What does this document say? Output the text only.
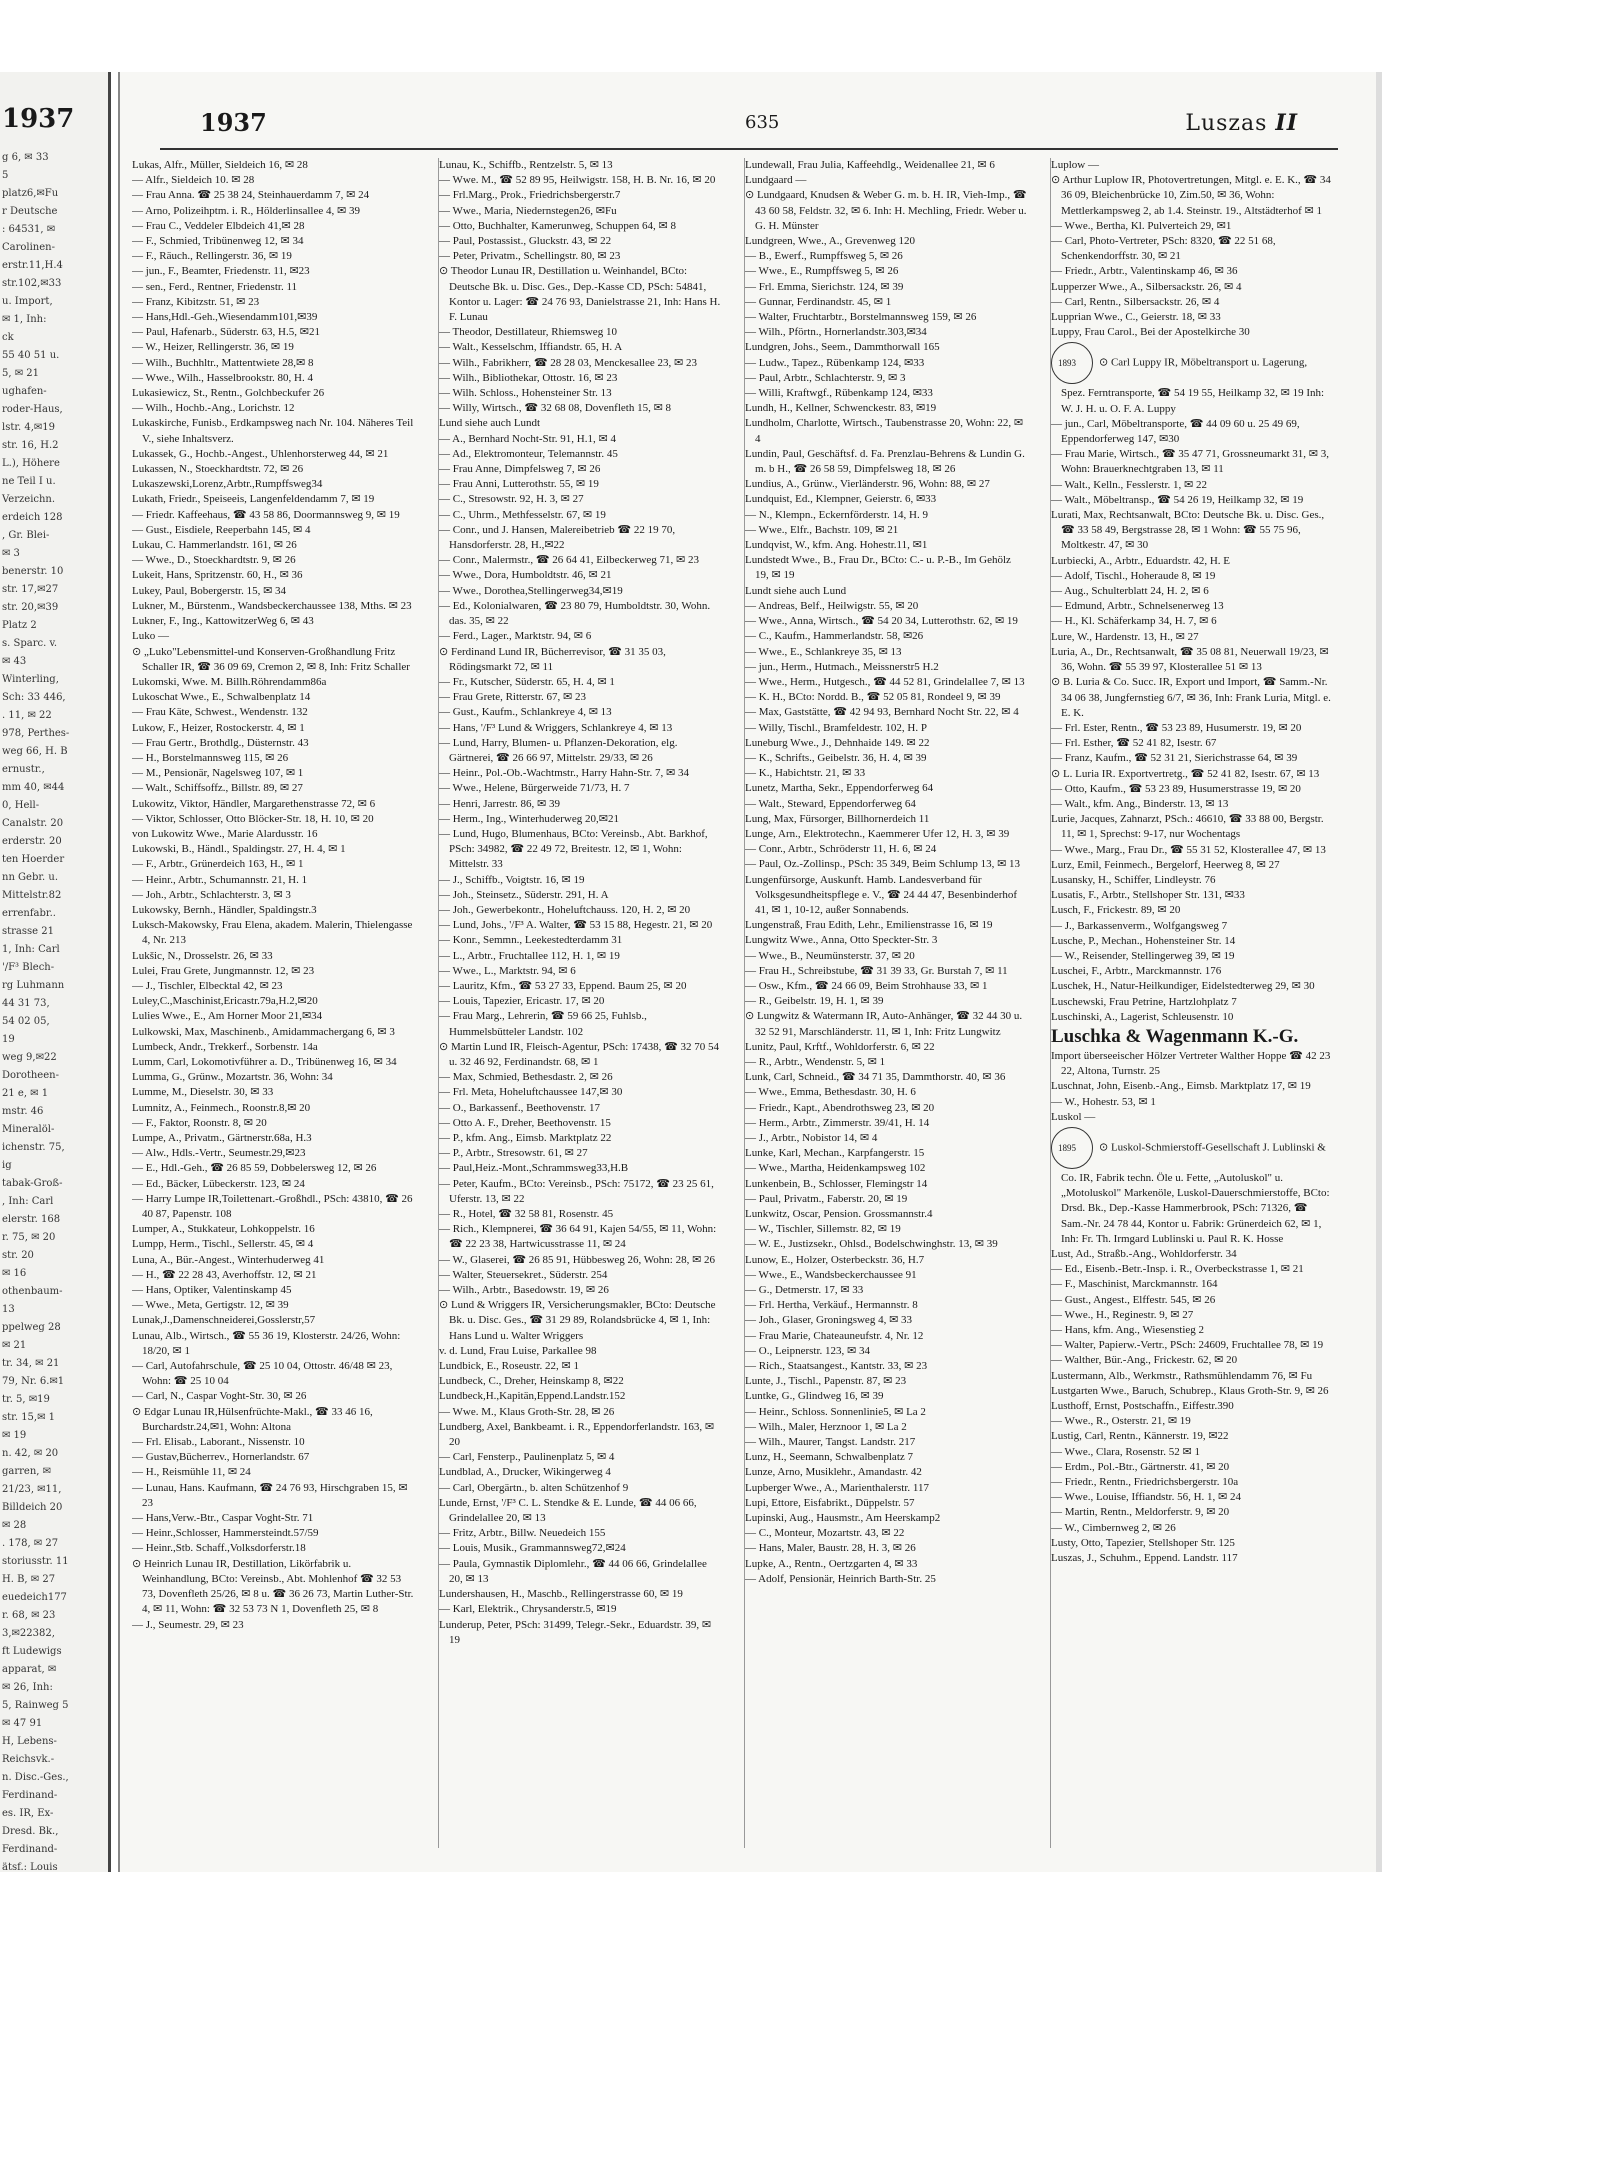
1937
g 6, ✉ 33
5
platz6,✉Fu
r Deutsche
: 64531, ✉
Carolinen-
erstr.11,H.4
str.102,✉33
u. Import,
✉ 1, Inh:
ck
55 40 51 u.
5, ✉ 21
ughafen-
roder-Haus,
lstr. 4,✉19
str. 16, H.2
L.), Höhere
ne Teil I u.
Verzeichn.
erdeich 128
, Gr. Blei-
✉ 3
benerstr. 10
str. 17,✉27
str. 20,✉39
Platz 2
s. Sparc. v.
✉ 43
Winterling,
Sch: 33 446,
. 11, ✉ 22
978, Perthes-
weg 66, H. B
ernustr.,
mm 40, ✉44
0, Hell-
Canalstr. 20
erderstr. 20
ten Hoerder
nn Gebr. u.
Mittelstr.82
errenfabr..
strasse 21
1, Inh: Carl
'/F³ Blech-
rg Luhmann
44 31 73,
54 02 05,
19
weg 9,✉22
Dorotheen-
21 e, ✉ 1
mstr. 46
Mineralöl-
ichenstr. 75,
ig
tabak-Groß-
, Inh: Carl
elerstr. 168
r. 75, ✉ 20
str. 20
✉ 16
othenbaum-
13
ppelweg 28
✉ 21
tr. 34, ✉ 21
79, Nr. 6.✉1
tr. 5, ✉19
str. 15,✉ 1
✉ 19
n. 42, ✉ 20
garren, ✉
21/23, ✉11,
Billdeich 20
✉ 28
. 178, ✉ 27
storiusstr. 11
H. B, ✉ 27
euedeich177
r. 68, ✉ 23
3,✉22382,
ft Ludewigs
apparat, ✉
✉ 26, Inh:
5, Rainweg 5
✉ 47 91
H, Lebens-
Reichsvk.-
n. Disc.-Ges.,
Ferdinand-
es. IR, Ex-
Dresd. Bk.,
Ferdinand-
ätsf.: Louis
1937	635	Luszas II

Lukas, Alfr., Müller, Sieldeich 16, ✉ 28

— Alfr., Sieldeich 10. ✉ 28

— Frau Anna. ☎ 25 38 24, Steinhauerdamm 7, ✉ 24

— Arno, Polizeihptm. i. R., Hölderlinsallee 4, ✉ 39

— Frau C., Veddeler Elbdeich 41,✉ 28

— F., Schmied, Tribünenweg 12, ✉ 34

— F., Räuch., Rellingerstr. 36, ✉ 19

— jun., F., Beamter, Friedenstr. 11, ✉23

— sen., Ferd., Rentner, Friedenstr. 11

— Franz, Kibitzstr. 51, ✉ 23

— Hans,Hdl.-Geh.,Wiesendamm101,✉39

— Paul, Hafenarb., Süderstr. 63, H.5, ✉21

— W., Heizer, Rellingerstr. 36, ✉ 19

— Wilh., Buchhltr., Mattentwiete 28,✉ 8

— Wwe., Wilh., Hasselbrookstr. 80, H. 4

Lukasiewicz, St., Rentn., Golchbeckufer 26

— Wilh., Hochb.-Ang., Lorichstr. 12

Lukaskirche, Funisb., Erdkampsweg nach Nr. 104. Näheres Teil V., siehe Inhaltsverz.

Lukassek, G., Hochb.-Angest., Uhlenhorsterweg 44, ✉ 21

Lukassen, N., Stoeckhardtstr. 72, ✉ 26

Lukaszewski,Lorenz,Arbtr.,Rumpffsweg34

Lukath, Friedr., Speiseeis, Langenfeldendamm 7, ✉ 19

— Friedr. Kaffeehaus, ☎ 43 58 86, Doormannsweg 9, ✉ 19

— Gust., Eisdiele, Reeperbahn 145, ✉ 4

Lukau, C. Hammerlandstr. 161, ✉ 26

— Wwe., D., Stoeckhardtstr. 9, ✉ 26

Lukeit, Hans, Spritzenstr. 60, H., ✉ 36

Lukey, Paul, Bobergerstr. 15, ✉ 34

Lukner, M., Bürstenm., Wandsbeckerchaussee 138, Mths. ✉ 23

Lukner, F., Ing., KattowitzerWeg 6, ✉ 43

Luko —

⊙ „Luko"Lebensmittel-und Konserven-Großhandlung Fritz Schaller IR, ☎ 36 09 69, Cremon 2, ✉ 8, Inh: Fritz Schaller

Lukomski, Wwe. M. Billh.Röhrendamm86a

Lukoschat Wwe., E., Schwalbenplatz 14

— Frau Käte, Schwest., Wendenstr. 132

Lukow, F., Heizer, Rostockerstr. 4, ✉ 1

— Frau Gertr., Brothdlg., Düsternstr. 43

— H., Borstelmannsweg 115, ✉ 26

— M., Pensionär, Nagelsweg 107, ✉ 1

— Walt., Schiffsoffz., Billstr. 89, ✉ 27

Lukowitz, Viktor, Händler, Margarethenstrasse 72, ✉ 6

— Viktor, Schlosser, Otto Blöcker-Str. 18, H. 10, ✉ 20

von Lukowitz Wwe., Marie Alardusstr. 16

Lukowski, B., Händl., Spaldingstr. 27, H. 4, ✉ 1

— F., Arbtr., Grünerdeich 163, H., ✉ 1

— Heinr., Arbtr., Schumannstr. 21, H. 1

— Joh., Arbtr., Schlachterstr. 3, ✉ 3

Lukowsky, Bernh., Händler, Spaldingstr.3

Luksch-Makowsky, Frau Elena, akadem. Malerin, Thielengasse 4, Nr. 213

Lukšic, N., Drosselstr. 26, ✉ 33

Lulei, Frau Grete, Jungmannstr. 12, ✉ 23

— J., Tischler, Elbecktal 42, ✉ 23

Luley,C.,Maschinist,Ericastr.79a,H.2,✉20

Lulies Wwe., E., Am Horner Moor 21,✉34

Lulkowski, Max, Maschinenb., Amidammachergang 6, ✉ 3

Lumbeck, Andr., Trekkerf., Sorbenstr. 14a

Lumm, Carl, Lokomotivführer a. D., Tribünenweg 16, ✉ 34

Lumma, G., Grünw., Mozartstr. 36, Wohn: 34

Lumme, M., Dieselstr. 30, ✉ 33

Lumnitz, A., Feinmech., Roonstr.8,✉ 20

— F., Faktor, Roonstr. 8, ✉ 20

Lumpe, A., Privatm., Gärtnerstr.68a, H.3

— Alw., Hdls.-Vertr., Seumestr.29,✉23

— E., Hdl.-Geh., ☎ 26 85 59, Dobbelersweg 12, ✉ 26

— Ed., Bäcker, Lübeckerstr. 123, ✉ 24

— Harry Lumpe IR,Toilettenart.-Großhdl., PSch: 43810, ☎ 26 40 87, Papenstr. 108

Lumper, A., Stukkateur, Lohkoppelstr. 16

Lumpp, Herm., Tischl., Sellerstr. 45, ✉ 4

Luna, A., Bür.-Angest., Winterhuderweg 41

— H., ☎ 22 28 43, Averhoffstr. 12, ✉ 21

— Hans, Optiker, Valentinskamp 45

— Wwe., Meta, Gertigstr. 12, ✉ 39

Lunak,J.,Damenschneiderei,Gosslerstr,57

Lunau, Alb., Wirtsch., ☎ 55 36 19, Klosterstr. 24/26, Wohn: 18/20, ✉ 1

— Carl, Autofahrschule, ☎ 25 10 04, Ottostr. 46/48 ✉ 23, Wohn: ☎ 25 10 04

— Carl, N., Caspar Voght-Str. 30, ✉ 26

⊙ Edgar Lunau IR,Hülsenfrüchte-Makl., ☎ 33 46 16, Burchardstr.24,✉1, Wohn: Altona

— Frl. Elisab., Laborant., Nissenstr. 10

— Gustav,Bücherrev., Hornerlandstr. 67

— H., Reismühle 11, ✉ 24

— Lunau, Hans. Kaufmann, ☎ 24 76 93, Hirschgraben 15, ✉ 23

— Hans,Verw.-Btr., Caspar Voght-Str. 71

— Heinr.,Schlosser, Hammersteindt.57/59

— Heinr.,Stb. Schaff.,Volksdorferstr.18

⊙ Heinrich Lunau IR, Destillation, Likörfabrik u. Weinhandlung, BCto: Vereinsb., Abt. Mohlenhof ☎ 32 53 73, Dovenfleth 25/26, ✉ 8 u. ☎ 36 26 73, Martin Luther-Str. 4, ✉ 11, Wohn: ☎ 32 53 73 N 1, Dovenfleth 25, ✉ 8

— J., Seumestr. 29, ✉ 23

Lunau, K., Schiffb., Rentzelstr. 5, ✉ 13

— Wwe. M., ☎ 52 89 95, Heilwigstr. 158, H. B. Nr. 16, ✉ 20

— Frl.Marg., Prok., Friedrichsbergerstr.7

— Wwe., Maria, Niedernstegen26, ✉Fu

— Otto, Buchhalter, Kamerunweg, Schuppen 64, ✉ 8

— Paul, Postassist., Gluckstr. 43, ✉ 22

— Peter, Privatm., Schellingstr. 80, ✉ 23

⊙ Theodor Lunau IR, Destillation u. Weinhandel, BCto: Deutsche Bk. u. Disc. Ges., Dep.-Kasse CD, PSch: 54841, Kontor u. Lager: ☎ 24 76 93, Danielstrasse 21, Inh: Hans H. F. Lunau

— Theodor, Destillateur, Rhiemsweg 10

— Walt., Kesselschm, Iffiandstr. 65, H. A

— Wilh., Fabrikherr, ☎ 28 28 03, Menckesallee 23, ✉ 23

— Wilh., Bibliothekar, Ottostr. 16, ✉ 23

— Wilh. Schloss., Hohensteiner Str. 13

— Willy, Wirtsch., ☎ 32 68 08, Dovenfleth 15, ✉ 8

Lund siehe auch Lundt

— A., Bernhard Nocht-Str. 91, H.1, ✉ 4

— Ad., Elektromonteur, Telemannstr. 45

— Frau Anne, Dimpfelsweg 7, ✉ 26

— Frau Anni, Lutterothstr. 55, ✉ 19

— C., Stresowstr. 92, H. 3, ✉ 27

— C., Uhrm., Methfesselstr. 67, ✉ 19

— Conr., und J. Hansen, Malereibetrieb ☎ 22 19 70, Hansdorferstr. 28, H.,✉22

— Conr., Malermstr., ☎ 26 64 41, Eilbeckerweg 71, ✉ 23

— Wwe., Dora, Humboldtstr. 46, ✉ 21

— Wwe., Dorothea,Stellingerweg34,✉19

— Ed., Kolonialwaren, ☎ 23 80 79, Humboldtstr. 30, Wohn. das. 35, ✉ 22

— Ferd., Lager., Marktstr. 94, ✉ 6

⊙ Ferdinand Lund IR, Bücherrevisor, ☎ 31 35 03, Rödingsmarkt 72, ✉ 11

— Fr., Kutscher, Süderstr. 65, H. 4, ✉ 1

— Frau Grete, Ritterstr. 67, ✉ 23

— Gust., Kaufm., Schlankreye 4, ✉ 13

— Hans, '/F³ Lund & Wriggers, Schlankreye 4, ✉ 13

— Lund, Harry, Blumen- u. Pflanzen-Dekoration, elg. Gärtnerei, ☎ 26 66 97, Mittelstr. 29/33, ✉ 26

— Heinr., Pol.-Ob.-Wachtmstr., Harry Hahn-Str. 7, ✉ 34

— Wwe., Helene, Bürgerweide 71/73, H. 7

— Henri, Jarrestr. 86, ✉ 39

— Herm., Ing., Winterhuderweg 20,✉21

— Lund, Hugo, Blumenhaus, BCto: Vereinsb., Abt. Barkhof, PSch: 34982, ☎ 22 49 72, Breitestr. 12, ✉ 1, Wohn: Mittelstr. 33

— J., Schiffb., Voigtstr. 16, ✉ 19

— Joh., Steinsetz., Süderstr. 291, H. A

— Joh., Gewerbekontr., Hoheluftchauss. 120, H. 2, ✉ 20

— Lund, Johs., '/F³ A. Walter, ☎ 53 15 88, Hegestr. 21, ✉ 20

— Konr., Semmn., Leekestedterdamm 31

— L., Arbtr., Fruchtallee 112, H. 1, ✉ 19

— Wwe., L., Marktstr. 94, ✉ 6

— Lauritz, Kfm., ☎ 53 27 33, Eppend. Baum 25, ✉ 20

— Louis, Tapezier, Ericastr. 17, ✉ 20

— Frau Marg., Lehrerin, ☎ 59 66 25, Fuhlsb., Hummelsbütteler Landstr. 102

⊙ Martin Lund IR, Fleisch-Agentur, PSch: 17438, ☎ 32 70 54 u. 32 46 92, Ferdinandstr. 68, ✉ 1

— Max, Schmied, Bethesdastr. 2, ✉ 26

— Frl. Meta, Hoheluftchaussee 147,✉ 30

— O., Barkassenf., Beethovenstr. 17

— Otto A. F., Dreher, Beethovenstr. 15

— P., kfm. Ang., Eimsb. Marktplatz 22

— P., Arbtr., Stresowstr. 61, ✉ 27

— Paul,Heiz.-Mont.,Schrammsweg33,H.B

— Peter, Kaufm., BCto: Vereinsb., PSch: 75172, ☎ 23 25 61, Uferstr. 13, ✉ 22

— R., Hotel, ☎ 32 58 81, Rosenstr. 45

— Rich., Klempnerei, ☎ 36 64 91, Kajen 54/55, ✉ 11, Wohn: ☎ 22 23 38, Hartwicusstrasse 11, ✉ 24

— W., Glaserei, ☎ 26 85 91, Hübbesweg 26, Wohn: 28, ✉ 26

— Walter, Steuersekret., Süderstr. 254

— Wilh., Arbtr., Basedowstr. 19, ✉ 26

⊙ Lund & Wriggers IR, Versicherungsmakler, BCto: Deutsche Bk. u. Disc. Ges., ☎ 31 29 89, Rolandsbrücke 4, ✉ 1, Inh: Hans Lund u. Walter Wriggers

v. d. Lund, Frau Luise, Parkallee 98

Lundbick, E., Roseustr. 22, ✉ 1

Lundbeck, C., Dreher, Heinskamp 8, ✉22

Lundbeck,H.,Kapitän,Eppend.Landstr.152

— Wwe. M., Klaus Groth-Str. 28, ✉ 26

Lundberg, Axel, Bankbeamt. i. R., Eppendorferlandstr. 163, ✉ 20

— Carl, Fensterp., Paulinenplatz 5, ✉ 4

Lundblad, A., Drucker, Wikingerweg 4

— Carl, Obergärtn., b. alten Schützenhof 9

Lunde, Ernst, '/F³ C. L. Stendke & E. Lunde, ☎ 44 06 66, Grindelallee 20, ✉ 13

— Fritz, Arbtr., Billw. Neuedeich 155

— Louis, Musik., Grammannsweg72,✉24

— Paula, Gymnastik Diplomlehr., ☎ 44 06 66, Grindelallee 20, ✉ 13

Lundershausen, H., Maschb., Rellingerstrasse 60, ✉ 19

— Karl, Elektrik., Chrysanderstr.5, ✉19

Lunderup, Peter, PSch: 31499, Telegr.-Sekr., Eduardstr. 39, ✉ 19

Lundewall, Frau Julia, Kaffeehdlg., Weidenallee 21, ✉ 6

Lundgaard —

⊙ Lundgaard, Knudsen & Weber G. m. b. H. IR, Vieh-Imp., ☎ 43 60 58, Feldstr. 32, ✉ 6. Inh: H. Mechling, Friedr. Weber u. G. H. Münster

Lundgreen, Wwe., A., Grevenweg 120

— B., Ewerf., Rumpffsweg 5, ✉ 26

— Wwe., E., Rumpffsweg 5, ✉ 26

— Frl. Emma, Sierichstr. 124, ✉ 39

— Gunnar, Ferdinandstr. 45, ✉ 1

— Walter, Fruchtarbtr., Borstelmannsweg 159, ✉ 26

— Wilh., Pförtn., Hornerlandstr.303,✉34

Lundgren, Johs., Seem., Dammthorwall 165

— Ludw., Tapez., Rübenkamp 124, ✉33

— Paul, Arbtr., Schlachterstr. 9, ✉ 3

— Willi, Kraftwgf., Rübenkamp 124, ✉33

Lundh, H., Kellner, Schwenckestr. 83, ✉19

Lundholm, Charlotte, Wirtsch., Taubenstrasse 20, Wohn: 22, ✉ 4

Lundin, Paul, Geschäftsf. d. Fa. Prenzlau-Behrens & Lundin G. m. b H., ☎ 26 58 59, Dimpfelsweg 18, ✉ 26

Lundius, A., Grünw., Vierländerstr. 96, Wohn: 88, ✉ 27

Lundquist, Ed., Klempner, Geierstr. 6, ✉33

— N., Klempn., Eckernförderstr. 14, H. 9

— Wwe., Elfr., Bachstr. 109, ✉ 21

Lundqvist, W., kfm. Ang. Hohestr.11, ✉1

Lundstedt Wwe., B., Frau Dr., BCto: C.- u. P.-B., Im Gehölz 19, ✉ 19

Lundt siehe auch Lund

— Andreas, Belf., Heilwigstr. 55, ✉ 20

— Wwe., Anna, Wirtsch., ☎ 54 20 34, Lutterothstr. 62, ✉ 19

— C., Kaufm., Hammerlandstr. 58, ✉26

— Wwe., E., Schlankreye 35, ✉ 13

— jun., Herm., Hutmach., Meissnerstr5 H.2

— Wwe., Herm., Hutgesch., ☎ 44 52 81, Grindelallee 7, ✉ 13

— K. H., BCto: Nordd. B., ☎ 52 05 81, Rondeel 9, ✉ 39

— Max, Gaststätte, ☎ 42 94 93, Bernhard Nocht Str. 22, ✉ 4

— Willy, Tischl., Bramfeldestr. 102, H. P

Luneburg Wwe., J., Dehnhaide 149. ✉ 22

— K., Schrifts., Geibelstr. 36, H. 4, ✉ 39

— K., Habichtstr. 21, ✉ 33

Lunetz, Martha, Sekr., Eppendorferweg 64

— Walt., Steward, Eppendorferweg 64

Lung, Max, Fürsorger, Billhornerdeich 11

Lunge, Arn., Elektrotechn., Kaemmerer Ufer 12, H. 3, ✉ 39

— Conr., Arbtr., Schröderstr 11, H. 6, ✉ 24

— Paul, Oz.-Zollinsp., PSch: 35 349, Beim Schlump 13, ✉ 13

Lungenfürsorge, Auskunft. Hamb. Landesverband für Volksgesundheitspflege e. V., ☎ 24 44 47, Besenbinderhof 41, ✉ 1, 10-12, außer Sonnabends.

Lungenstraß, Frau Edith, Lehr., Emilienstrasse 16, ✉ 19

Lungwitz Wwe., Anna, Otto Speckter-Str. 3

— Wwe., B., Neumünsterstr. 37, ✉ 20

— Frau H., Schreibstube, ☎ 31 39 33, Gr. Burstah 7, ✉ 11

— Osw., Kfm., ☎ 24 66 09, Beim Strohhause 33, ✉ 1

— R., Geibelstr. 19, H. 1, ✉ 39

⊙ Lungwitz & Watermann IR, Auto-Anhänger, ☎ 32 44 30 u. 32 52 91, Marschländerstr. 11, ✉ 1, Inh: Fritz Lungwitz

Lunitz, Paul, Krftf., Wohldorferstr. 6, ✉ 22

— R., Arbtr., Wendenstr. 5, ✉ 1

Lunk, Carl, Schneid., ☎ 34 71 35, Dammthorstr. 40, ✉ 36

— Wwe., Emma, Bethesdastr. 30, H. 6

— Friedr., Kapt., Abendrothsweg 23, ✉ 20

— Herm., Arbtr., Zimmerstr. 39/41, H. 14

— J., Arbtr., Nobistor 14, ✉ 4

Lunke, Karl, Mechan., Karpfangerstr. 15

— Wwe., Martha, Heidenkampsweg 102

Lunkenbein, B., Schlosser, Flemingstr 14

— Paul, Privatm., Faberstr. 20, ✉ 19

Lunkwitz, Oscar, Pension. Grossmannstr.4

— W., Tischler, Sillemstr. 82, ✉ 19

— W. E., Justizsekr., Ohlsd., Bodelschwinghstr. 13, ✉ 39

Lunow, E., Holzer, Osterbeckstr. 36, H.7

— Wwe., E., Wandsbeckerchaussee 91

— G., Detmerstr. 17, ✉ 33

— Frl. Hertha, Verkäuf., Hermannstr. 8

— Joh., Glaser, Groningsweg 4, ✉ 33

— Frau Marie, Chateauneufstr. 4, Nr. 12

— O., Leipnerstr. 123, ✉ 34

— Rich., Staatsangest., Kantstr. 33, ✉ 23

Lunte, J., Tischl., Papenstr. 87, ✉ 23

Luntke, G., Glindweg 16, ✉ 39

— Heinr., Schloss. Sonnenlinie5, ✉ La 2

— Wilh., Maler, Herznoor 1, ✉ La 2

— Wilh., Maurer, Tangst. Landstr. 217

Lunz, H., Seemann, Schwalbenplatz 7

Lunze, Arno, Musiklehr., Amandastr. 42

Lupberger Wwe., A., Marienthalerstr. 117

Lupi, Ettore, Eisfabrikt., Düppelstr. 57

Lupinski, Aug., Hausmstr., Am Heerskamp2

— C., Monteur, Mozartstr. 43, ✉ 22

— Hans, Maler, Baustr. 28, H. 3, ✉ 26

Lupke, A., Rentn., Oertzgarten 4, ✉ 33

— Adolf, Pensionär, Heinrich Barth-Str. 25

Luplow —

⊙ Arthur Luplow IR, Photovertretungen, Mitgl. e. E. K., ☎ 34 36 09, Bleichenbrücke 10, Zim.50, ✉ 36, Wohn: Mettlerkampsweg 2, ab 1.4. Steinstr. 19., Altstädterhof ✉ 1

— Wwe., Bertha, Kl. Pulverteich 29, ✉1

— Carl, Photo-Vertreter, PSch: 8320, ☎ 22 51 68, Schenkendorffstr. 30, ✉ 21

— Friedr., Arbtr., Valentinskamp 46, ✉ 36

Lupperzer Wwe., A., Silbersackstr. 26, ✉ 4

— Carl, Rentn., Silbersackstr. 26, ✉ 4

Lupprian Wwe., C., Geierstr. 18, ✉ 33

Luppy, Frau Carol., Bei der Apostelkirche 30

1893 ⊙ Carl Luppy IR, Möbeltransport u. Lagerung, Spez. Ferntransporte, ☎ 54 19 55, Heilkamp 32, ✉ 19 Inh: W. J. H. u. O. F. A. Luppy

— jun., Carl, Möbeltransporte, ☎ 44 09 60 u. 25 49 69, Eppendorferweg 147, ✉30

— Frau Marie, Wirtsch., ☎ 35 47 71, Grossneumarkt 31, ✉ 3, Wohn: Brauerknechtgraben 13, ✉ 11

— Walt., Kelln., Fesslerstr. 1, ✉ 22

— Walt., Möbeltransp., ☎ 54 26 19, Heilkamp 32, ✉ 19

Lurati, Max, Rechtsanwalt, BCto: Deutsche Bk. u. Disc. Ges., ☎ 33 58 49, Bergstrasse 28, ✉ 1 Wohn: ☎ 55 75 96, Moltkestr. 47, ✉ 30

Lurbiecki, A., Arbtr., Eduardstr. 42, H. E

— Adolf, Tischl., Hoheraude 8, ✉ 19

— Aug., Schulterblatt 24, H. 2, ✉ 6

— Edmund, Arbtr., Schnelsenerweg 13

— H., Kl. Schäferkamp 34, H. 7, ✉ 6

Lure, W., Hardenstr. 13, H., ✉ 27

Luria, A., Dr., Rechtsanwalt, ☎ 35 08 81, Neuerwall 19/23, ✉ 36, Wohn. ☎ 55 39 97, Klosterallee 51 ✉ 13

⊙ B. Luria & Co. Succ. IR, Export und Import, ☎ Samm.-Nr. 34 06 38, Jungfernstieg 6/7, ✉ 36, Inh: Frank Luria, Mitgl. e. E. K.

— Frl. Ester, Rentn., ☎ 53 23 89, Husumerstr. 19, ✉ 20

— Frl. Esther, ☎ 52 41 82, Isestr. 67

— Franz, Kaufm., ☎ 52 31 21, Sierichstrasse 64, ✉ 39

⊙ L. Luria IR. Exportvertretg., ☎ 52 41 82, Isestr. 67, ✉ 13

— Otto, Kaufm., ☎ 53 23 89, Husumerstrasse 19, ✉ 20

— Walt., kfm. Ang., Binderstr. 13, ✉ 13

Lurie, Jacques, Zahnarzt, PSch.: 46610, ☎ 33 88 00, Bergstr. 11, ✉ 1, Sprechst: 9-17, nur Wochentags

— Wwe., Marg., Frau Dr., ☎ 55 31 52, Klosterallee 47, ✉ 13

Lurz, Emil, Feinmech., Bergelorf, Heerweg 8, ✉ 27

Lusansky, H., Schiffer, Lindleystr. 76

Lusatis, F., Arbtr., Stellshoper Str. 131, ✉33

Lusch, F., Frickestr. 89, ✉ 20

— J., Barkassenverm., Wolfgangsweg 7

Lusche, P., Mechan., Hohensteiner Str. 14

— W., Reisender, Stellingerweg 39, ✉ 19

Luschei, F., Arbtr., Marckmannstr. 176

Luschek, H., Natur-Heilkundiger, Eidelstedterweg 29, ✉ 30

Luschewski, Frau Petrine, Hartzlohplatz 7

Luschinski, A., Lagerist, Schleusenstr. 10

Luschka & Wagenmann K.-G.

Import überseeischer Hölzer Vertreter Walther Hoppe ☎ 42 23 22, Altona, Turnstr. 25

Luschnat, John, Eisenb.-Ang., Eimsb. Marktplatz 17, ✉ 19

— W., Hohestr. 53, ✉ 1

Luskol —

1895 ⊙ Luskol-Schmierstoff-Gesellschaft J. Lublinski & Co. IR, Fabrik techn. Öle u. Fette, „Autoluskol" u. „Motoluskol" Markenöle, Luskol-Dauerschmierstoffe, BCto: Drsd. Bk., Dep.-Kasse Hammerbrook, PSch: 71326, ☎ Sam.-Nr. 24 78 44, Kontor u. Fabrik: Grünerdeich 62, ✉ 1, Inh: Fr. Th. Irmgard Lublinski u. Paul R. K. Hosse

Lust, Ad., Straßb.-Ang., Wohldorferstr. 34

— Ed., Eisenb.-Betr.-Insp. i. R., Overbeckstrasse 1, ✉ 21

— F., Maschinist, Marckmannstr. 164

— Gust., Angest., Elffestr. 545, ✉ 26

— Wwe., H., Reginestr. 9, ✉ 27

— Hans, kfm. Ang., Wiesenstieg 2

— Walter, Papierw.-Vertr., PSch: 24609, Fruchtallee 78, ✉ 19

— Walther, Bür.-Ang., Frickestr. 62, ✉ 20

Lustermann, Alb., Werkmstr., Rathsmühlendamm 76, ✉ Fu

Lustgarten Wwe., Baruch, Schubrep., Klaus Groth-Str. 9, ✉ 26

Lusthoff, Ernst, Postschaffn., Eiffestr.390

— Wwe., R., Osterstr. 21, ✉ 19

Lustig, Carl, Rentn., Kännerstr. 19, ✉22

— Wwe., Clara, Rosenstr. 52 ✉ 1

— Erdm., Pol.-Btr., Gärtnerstr. 41, ✉ 20

— Friedr., Rentn., Friedrichsbergerstr. 10a

— Wwe., Louise, Iffiandstr. 56, H. 1, ✉ 24

— Martin, Rentn., Meldorferstr. 9, ✉ 20

— W., Cimbernweg 2, ✉ 26

Lusty, Otto, Tapezier, Stellshoper Str. 125

Luszas, J., Schuhm., Eppend. Landstr. 117
